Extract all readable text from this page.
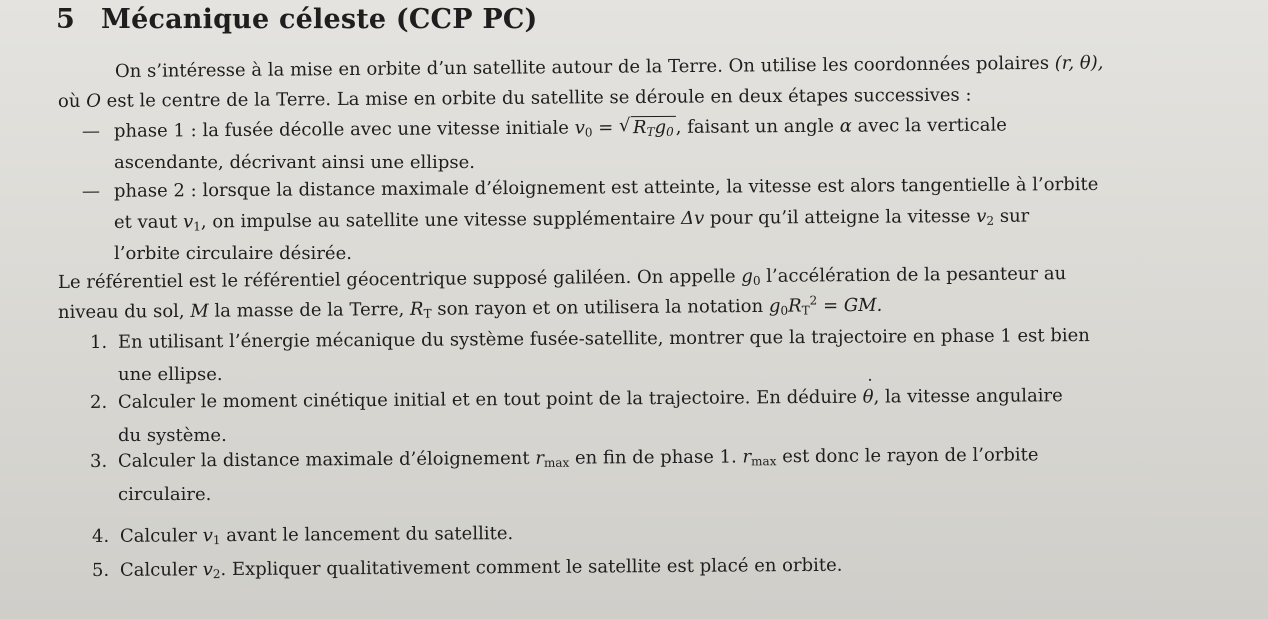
5 Mécanique céleste (CCP PC)
On s’intéresse à la mise en orbite d’un satellite autour de la Terre. On utilise les coordonnées polaires (r, θ),
où O est le centre de la Terre. La mise en orbite du satellite se déroule en deux étapes successives :
— phase 1 : la fusée décolle avec une vitesse initiale $v_0$ = √ $R_Tg_0$ , faisant un angle α avec la verticale
ascendante, décrivant ainsi une ellipse.
— phase 2 : lorsque la distance maximale d’éloignement est atteinte, la vitesse est alors tangentielle à l’orbite
et vaut $v_1$, on impulse au satellite une vitesse supplémentaire Δv pour qu’il atteigne la vitesse $v_2$ sur
l’orbite circulaire désirée.
Le référentiel est le référentiel géocentrique supposé galiléen. On appelle $g_0$ l’accélération de la pesanteur au
niveau du sol, M la masse de la Terre, $R_T$ son rayon et on utilisera la notation $g_0R_T^2$ = GM.
1. En utilisant l’énergie mécanique du système fusée-satellite, montrer que la trajectoire en phase 1 est bien
une ellipse.
2. Calculer le moment cinétique initial et en tout point de la trajectoire. En déduire θ ˙, la vitesse angulaire
du système.
3. Calculer la distance maximale d’éloignement $r_{max}$ en fin de phase 1. $r_{max}$ est donc le rayon de l’orbite
circulaire.
4. Calculer $v_1$ avant le lancement du satellite.
5. Calculer $v_2$. Expliquer qualitativement comment le satellite est placé en orbite.
